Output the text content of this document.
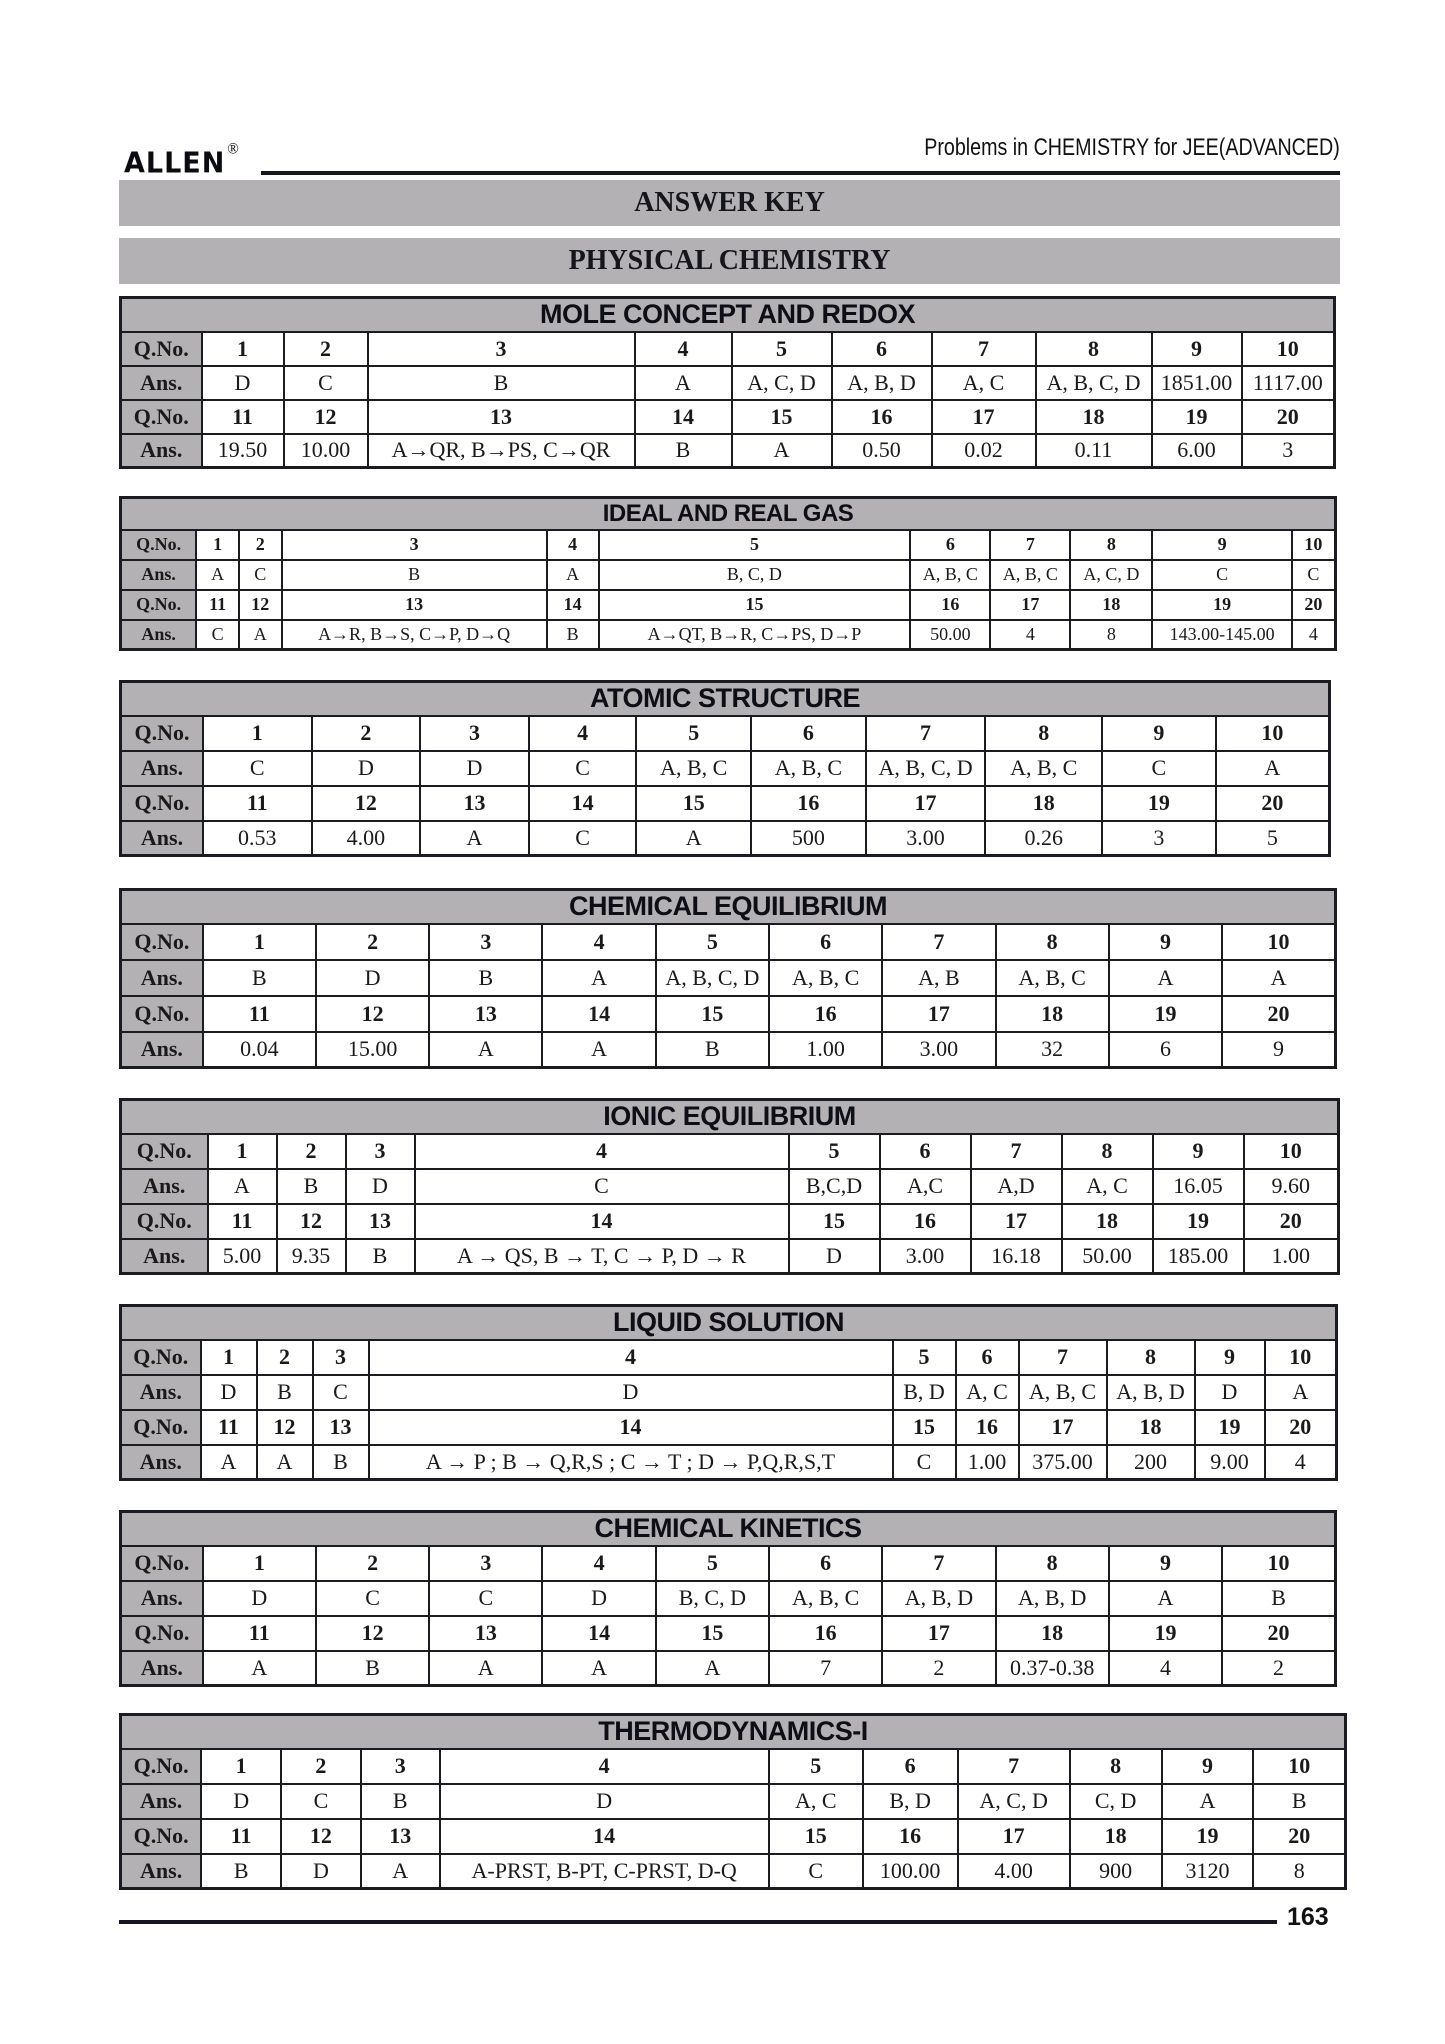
ALLEN ®	Problems in CHEMISTRY for JEE(ADVANCED)
ANSWER KEY
PHYSICAL CHEMISTRY
MOLE CONCEPT AND REDOX										
Q.No.	1	2	3	4	5	6	7	8	9	10
Ans.	D	C	B	A	A, C, D	A, B, D	A, C	A, B, C, D	1851.00	1117.00
Q.No.	11	12	13	14	15	16	17	18	19	20
Ans.	19.50	10.00	A→QR, B→PS, C→QR	B	A	0.50	0.02	0.11	6.00	3
IDEAL AND REAL GAS										
Q.No.	1	2	3	4	5	6	7	8	9	10
Ans.	A	C	B	A	B, C, D	A, B, C	A, B, C	A, C, D	C	C
Q.No.	11	12	13	14	15	16	17	18	19	20
Ans.	C	A	A→R, B→S, C→P, D→Q	B	A→QT, B→R, C→PS, D→P	50.00	4	8	143.00-145.00	4
ATOMIC STRUCTURE										
Q.No.	1	2	3	4	5	6	7	8	9	10
Ans.	C	D	D	C	A, B, C	A, B, C	A, B, C, D	A, B, C	C	A
Q.No.	11	12	13	14	15	16	17	18	19	20
Ans.	0.53	4.00	A	C	A	500	3.00	0.26	3	5
CHEMICAL EQUILIBRIUM										
Q.No.	1	2	3	4	5	6	7	8	9	10
Ans.	B	D	B	A	A, B, C, D	A, B, C	A, B	A, B, C	A	A
Q.No.	11	12	13	14	15	16	17	18	19	20
Ans.	0.04	15.00	A	A	B	1.00	3.00	32	6	9
IONIC EQUILIBRIUM										
Q.No.	1	2	3	4	5	6	7	8	9	10
Ans.	A	B	D	C	B,C,D	A,C	A,D	A, C	16.05	9.60
Q.No.	11	12	13	14	15	16	17	18	19	20
Ans.	5.00	9.35	B	A → QS, B → T, C → P, D → R	D	3.00	16.18	50.00	185.00	1.00
LIQUID SOLUTION										
Q.No.	1	2	3	4	5	6	7	8	9	10
Ans.	D	B	C	D	B, D	A, C	A, B, C	A, B, D	D	A
Q.No.	11	12	13	14	15	16	17	18	19	20
Ans.	A	A	B	A → P ; B → Q,R,S ; C → T ; D → P,Q,R,S,T	C	1.00	375.00	200	9.00	4
CHEMICAL KINETICS										
Q.No.	1	2	3	4	5	6	7	8	9	10
Ans.	D	C	C	D	B, C, D	A, B, C	A, B, D	A, B, D	A	B
Q.No.	11	12	13	14	15	16	17	18	19	20
Ans.	A	B	A	A	A	7	2	0.37-0.38	4	2
THERMODYNAMICS-I										
Q.No.	1	2	3	4	5	6	7	8	9	10
Ans.	D	C	B	D	A, C	B, D	A, C, D	C, D	A	B
Q.No.	11	12	13	14	15	16	17	18	19	20
Ans.	B	D	A	A-PRST, B-PT, C-PRST, D-Q	C	100.00	4.00	900	3120	8
163
